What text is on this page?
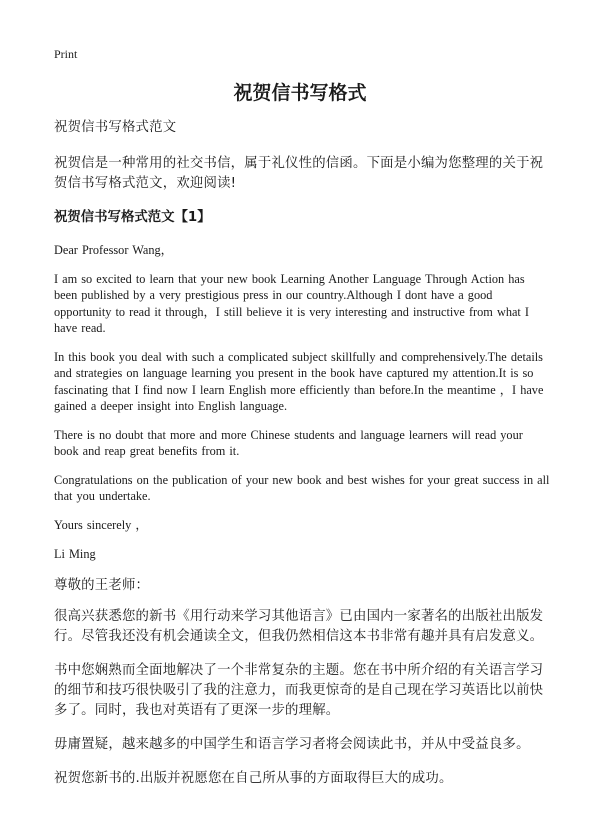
Print
祝贺信书写格式

祝贺信书写格式范文

祝贺信是一种常用的社交书信，属于礼仪性的信函。下面是小编为您整理的关于祝贺信书写格式范文，欢迎阅读!

祝贺信书写格式范文【1】

Dear Professor Wang，

I am so excited to learn that your new book Learning Another Language Through Action has been published by a very prestigious press in our country.Although I dont have a good opportunity to read it through，I still believe it is very interesting and instructive from what I have read.

In this book you deal with such a complicated subject skillfully and comprehensively.The details and strategies on language learning you present in the book have captured my attention.It is so fascinating that I find now I learn English more efficiently than before.In the meantime ，I have gained a deeper insight into English language.

There is no doubt that more and more Chinese students and language learners will read your book and reap great benefits from it.

Congratulations on the publication of your new book and best wishes for your great success in all that you undertake.

Yours sincerely ，

Li Ming

尊敬的王老师：

很高兴获悉您的新书《用行动来学习其他语言》已由国内一家著名的出版社出版发行。尽管我还没有机会通读全文，但我仍然相信这本书非常有趣并具有启发意义。

书中您娴熟而全面地解决了一个非常复杂的主题。您在书中所介绍的有关语言学习的细节和技巧很快吸引了我的注意力，而我更惊奇的是自己现在学习英语比以前快多了。同时，我也对英语有了更深一步的理解。

毋庸置疑，越来越多的中国学生和语言学习者将会阅读此书，并从中受益良多。

祝贺您新书的.出版并祝愿您在自己所从事的方面取得巨大的成功。
